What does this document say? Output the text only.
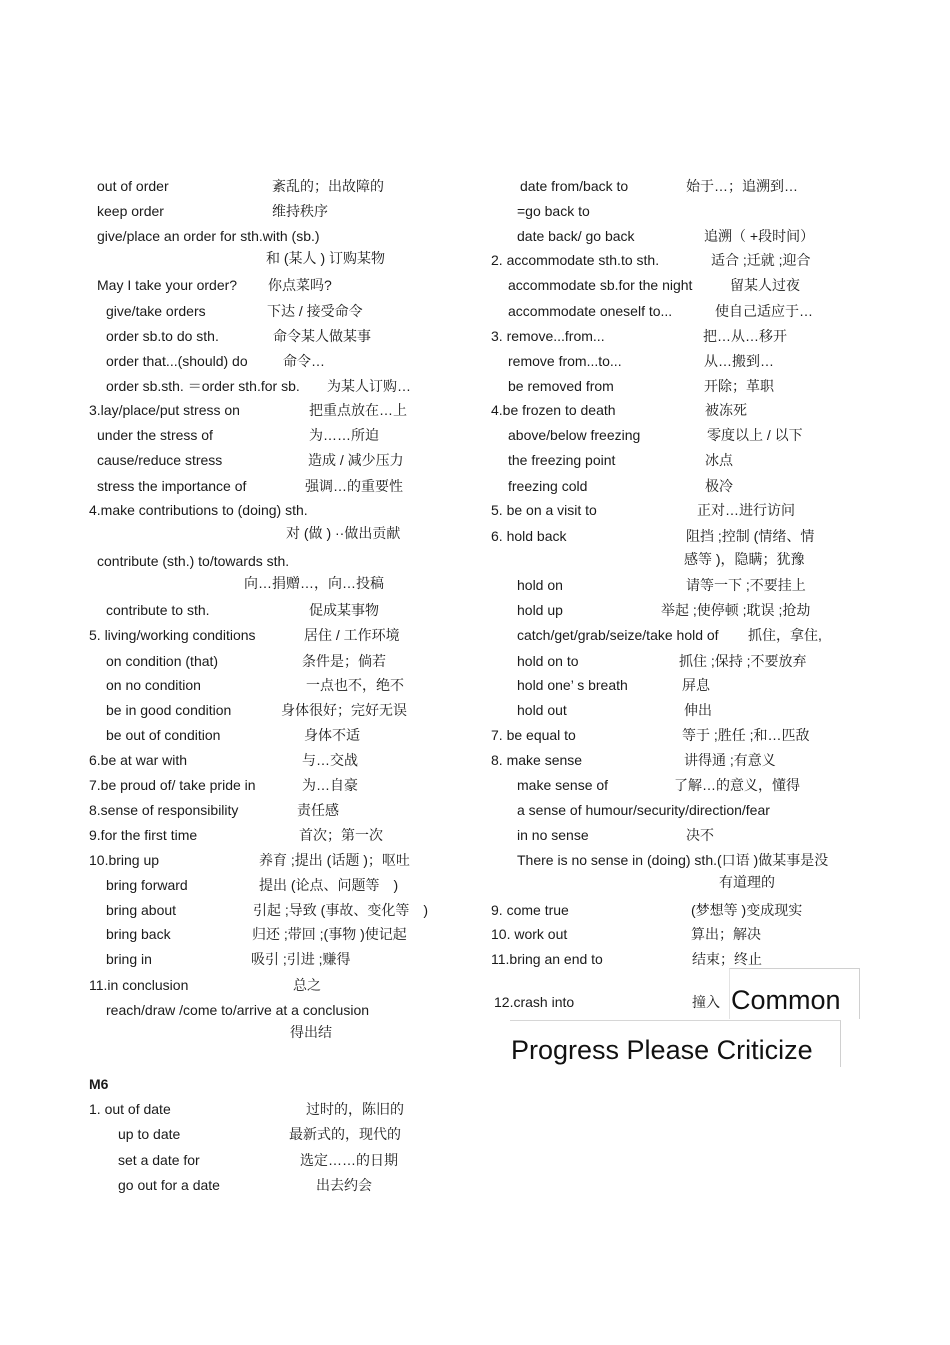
out of order	紊乱的；出故障的
keep order	维持秩序
give/place an order for sth.with (sb.)
和 (某人 ) 订购某物
May I take your order? 你点菜吗?
give/take orders	下达 / 接受命令
order sb.to do sth.	命令某人做某事
order that...(should) do	命令…
order sb.sth. ＝order sth.for sb. 为某人订购…
3.lay/place/put stress on	把重点放在…上
under the stress of	为……所迫
cause/reduce stress	造成 / 减少压力
stress the importance of	强调…的重要性
4.make contributions to (doing) sth.
对 (做 ) ··做出贡献
contribute (sth.) to/towards sth.
向…捐赠…，向…投稿
contribute to sth.	促成某事物
5. living/working conditions	居住 / 工作环境
on condition (that)	条件是；倘若
on no condition	一点也不，绝不
be in good condition	身体很好；完好无误
be out of condition	身体不适
6.be at war with	与…交战
7.be proud of/ take pride in	为…自豪
8.sense of responsibility	责任感
9.for the first time	首次；第一次
10.bring up	养育 ;提出 (话题 )；呕吐
bring forward	提出 (论点、问题等　)
bring about	引起 ;导致 (事故、变化等　)
bring back	归还 ;带回 ;(事物 )使记起
bring in	吸引 ;引进 ;赚得
11.in conclusion	总之
reach/draw /come to/arrive at a conclusion
得出结
M6
1. out of date	过时的，陈旧的
up to date	最新式的，现代的
set a date for	选定……的日期
go out for a date	出去约会
date from/back to	始于…；追溯到…
=go back to
date back/ go back	追溯（ +段时间）
2. accommodate sth.to sth.	适合 ;迁就 ;迎合
accommodate sb.for the night	留某人过夜
accommodate oneself to...	使自己适应于…
3. remove...from...	把…从…移开
remove from...to...	从…搬到…
be removed from	开除；革职
4.be frozen to death	被冻死
above/below freezing	零度以上 / 以下
the freezing point	冰点
freezing cold	极冷
5. be on a visit to	正对…进行访问
6. hold back	阻挡 ;控制 (情绪、情
感等 )，隐瞒；犹豫
hold on	请等一下 ;不要挂上
hold up	举起 ;使停顿 ;耽误 ;抢劫
catch/get/grab/seize/take hold of 抓住，拿住,
hold on to	抓住 ;保持 ;不要放弃
hold one’ s breath	屏息
hold out	伸出
7. be equal to	等于 ;胜任 ;和…匹敌
8. make sense	讲得通 ;有意义
make sense of	了解…的意义，懂得
a sense of humour/security/direction/fear
in no sense	决不
There is no sense in (doing) sth.(口语 )做某事是没
有道理的
9. come true	(梦想等 )变成现实
10. work out	算出；解决
11.bring an end to	结束；终止
12.crash into	撞入 Common
Progress Please Criticize
